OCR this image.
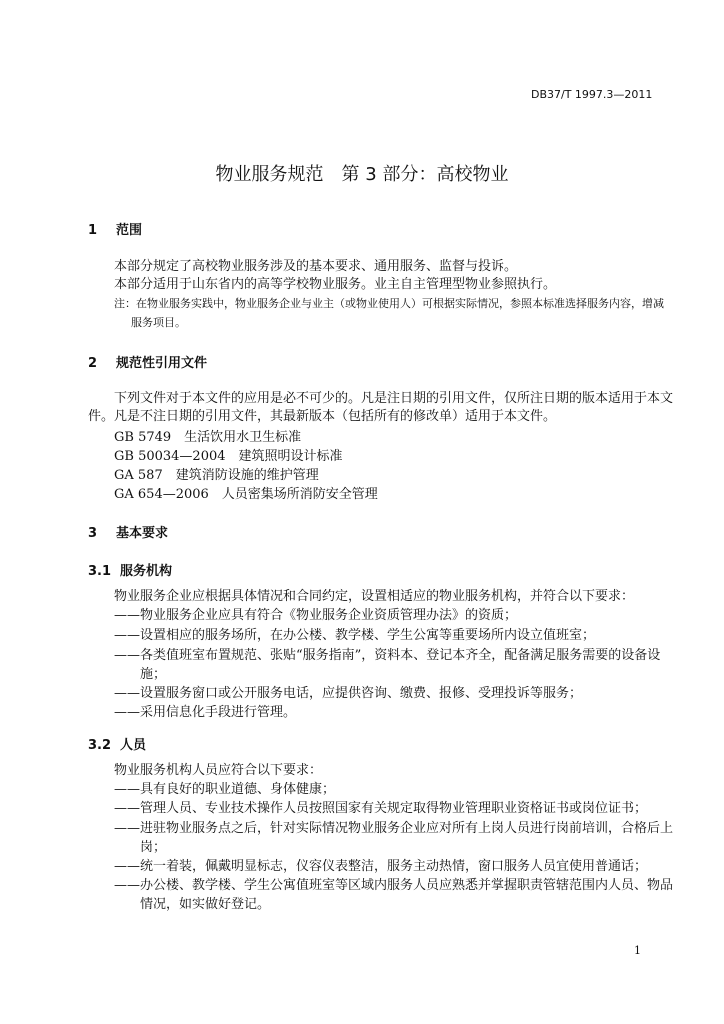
DB37/T 1997.3—2011
物业服务规范　第 3 部分：高校物业
1 范围
本部分规定了高校物业服务涉及的基本要求、通用服务、监督与投诉。
本部分适用于山东省内的高等学校物业服务。业主自主管理型物业参照执行。
注：在物业服务实践中，物业服务企业与业主（或物业使用人）可根据实际情况，参照本标准选择服务内容，增减
服务项目。
2 规范性引用文件
下列文件对于本文件的应用是必不可少的。凡是注日期的引用文件，仅所注日期的版本适用于本文
件。凡是不注日期的引用文件，其最新版本（包括所有的修改单）适用于本文件。
GB 5749　生活饮用水卫生标准
GB 50034—2004　建筑照明设计标准
GA 587　建筑消防设施的维护管理
GA 654—2006　人员密集场所消防安全管理
3 基本要求
3.1 服务机构
物业服务企业应根据具体情况和合同约定，设置相适应的物业服务机构，并符合以下要求：
——物业服务企业应具有符合《物业服务企业资质管理办法》的资质；
——设置相应的服务场所，在办公楼、教学楼、学生公寓等重要场所内设立值班室；
——各类值班室布置规范、张贴“服务指南”，资料本、登记本齐全，配备满足服务需要的设备设
施；
——设置服务窗口或公开服务电话，应提供咨询、缴费、报修、受理投诉等服务；
——采用信息化手段进行管理。
3.2 人员
物业服务机构人员应符合以下要求：
——具有良好的职业道德、身体健康；
——管理人员、专业技术操作人员按照国家有关规定取得物业管理职业资格证书或岗位证书；
——进驻物业服务点之后，针对实际情况物业服务企业应对所有上岗人员进行岗前培训，合格后上
岗；
——统一着装，佩戴明显标志，仪容仪表整洁，服务主动热情，窗口服务人员宜使用普通话；
——办公楼、教学楼、学生公寓值班室等区域内服务人员应熟悉并掌握职责管辖范围内人员、物品
情况，如实做好登记。
1
